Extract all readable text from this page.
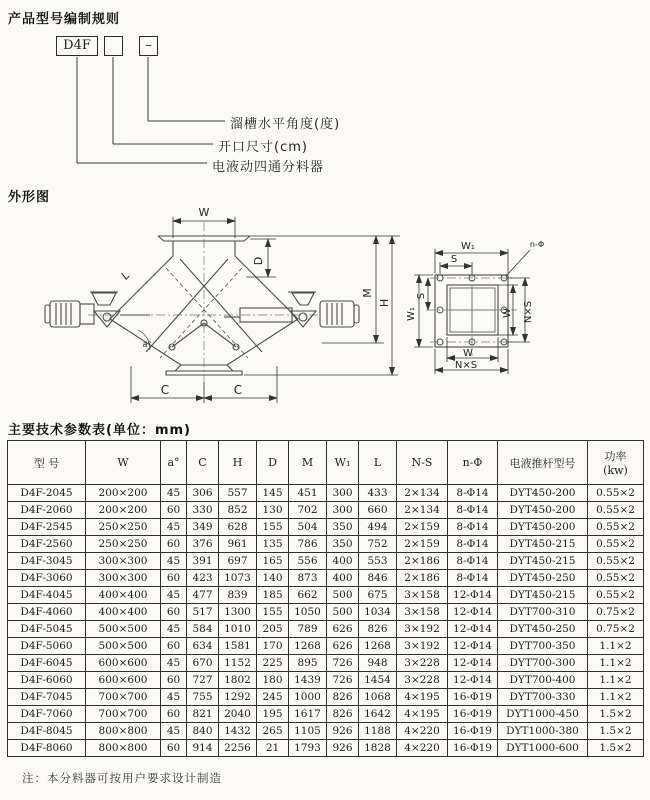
产品型号编制规则
D4F	–
溜槽水平角度(度)
开口尺寸(cm)
电液动四通分料器
外形图
W
D
M
H
L
a°
C	C
W₁
S
n-Φ
W₁
S
W N×S
W
N×S
主要技术参数表(单位：mm)
型 号	W	a°	C	H	D	M	W₁	L	N-S	n-Φ	电液推杆型号	功率
(kw)
D4F-2045	200×200	45	306	557	145	451	300	433	2×134	8-Φ14	DYT450-200	0.55×2
D4F-2060	200×200	60	330	852	130	702	300	660	2×134	8-Φ14	DYT450-200	0.55×2
D4F-2545	250×250	45	349	628	155	504	350	494	2×159	8-Φ14	DYT450-200	0.55×2
D4F-2560	250×250	60	376	961	135	786	350	752	2×159	8-Φ14	DYT450-215	0.55×2
D4F-3045	300×300	45	391	697	165	556	400	553	2×186	8-Φ14	DYT450-215	0.55×2
D4F-3060	300×300	60	423	1073	140	873	400	846	2×186	8-Φ14	DYT450-250	0.55×2
D4F-4045	400×400	45	477	839	185	662	500	675	3×158	12-Φ14	DYT450-215	0.55×2
D4F-4060	400×400	60	517	1300	155	1050	500	1034	3×158	12-Φ14	DYT700-310	0.75×2
D4F-5045	500×500	45	584	1010	205	789	626	826	3×192	12-Φ14	DYT450-250	0.75×2
D4F-5060	500×500	60	634	1581	170	1268	626	1268	3×192	12-Φ14	DYT700-350	1.1×2
D4F-6045	600×600	45	670	1152	225	895	726	948	3×228	12-Φ14	DYT700-300	1.1×2
D4F-6060	600×600	60	727	1802	180	1439	726	1454	3×228	12-Φ14	DYT700-400	1.1×2
D4F-7045	700×700	45	755	1292	245	1000	826	1068	4×195	16-Φ19	DYT700-330	1.1×2
D4F-7060	700×700	60	821	2040	195	1617	826	1642	4×195	16-Φ19	DYT1000-450	1.5×2
D4F-8045	800×800	45	840	1432	265	1105	926	1188	4×220	16-Φ19	DYT1000-380	1.5×2
D4F-8060	800×800	60	914	2256	21	1793	926	1828	4×220	16-Φ19	DYT1000-600	1.5×2

注：本分料器可按用户要求设计制造
